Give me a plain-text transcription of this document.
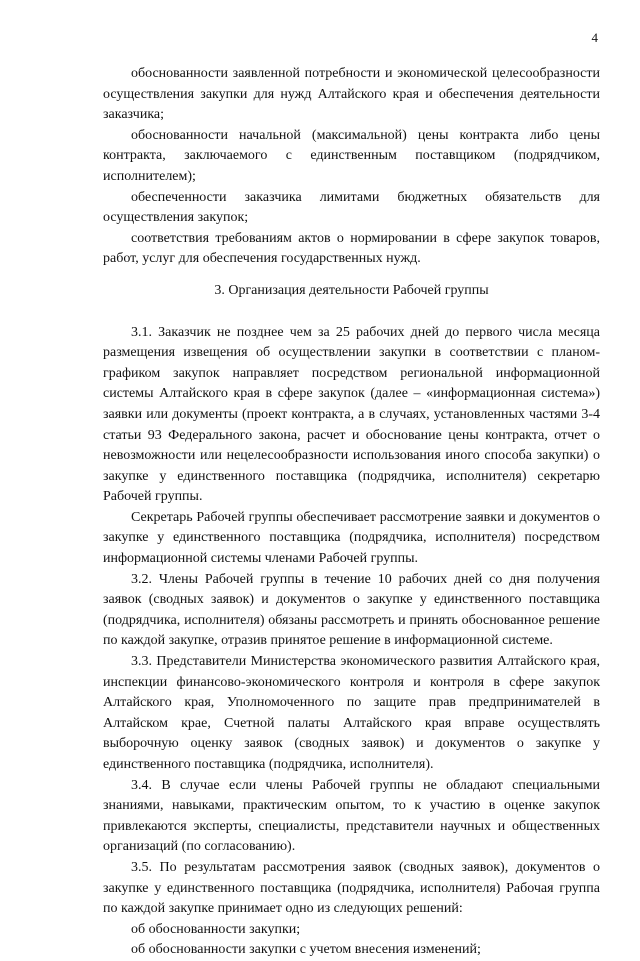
4

обоснованности заявленной потребности и экономической целесообразности осуществления закупки для нужд Алтайского края и обеспечения деятельности заказчика;

обоснованности начальной (максимальной) цены контракта либо цены контракта, заключаемого с единственным поставщиком (подрядчиком, исполнителем);

обеспеченности заказчика лимитами бюджетных обязательств для осуществления закупок;

соответствия требованиям актов о нормировании в сфере закупок товаров, работ, услуг для обеспечения государственных нужд.

3. Организация деятельности Рабочей группы

3.1. Заказчик не позднее чем за 25 рабочих дней до первого числа месяца размещения извещения об осуществлении закупки в соответствии с планом-графиком закупок направляет посредством региональной информационной системы Алтайского края в сфере закупок (далее – «информационная система») заявки или документы (проект контракта, а в случаях, установленных частями 3-4 статьи 93 Федерального закона, расчет и обоснование цены контракта, отчет о невозможности или нецелесообразности использования иного способа закупки) о закупке у единственного поставщика (подрядчика, исполнителя) секретарю Рабочей группы.

Секретарь Рабочей группы обеспечивает рассмотрение заявки и документов о закупке у единственного поставщика (подрядчика, исполнителя) посредством информационной системы членами Рабочей группы.

3.2. Члены Рабочей группы в течение 10 рабочих дней со дня получения заявок (сводных заявок) и документов о закупке у единственного поставщика (подрядчика, исполнителя) обязаны рассмотреть и принять обоснованное решение по каждой закупке, отразив принятое решение в информационной системе.

3.3. Представители Министерства экономического развития Алтайского края, инспекции финансово-экономического контроля и контроля в сфере закупок Алтайского края, Уполномоченного по защите прав предпринимателей в Алтайском крае, Счетной палаты Алтайского края вправе осуществлять выборочную оценку заявок (сводных заявок) и документов о закупке у единственного поставщика (подрядчика, исполнителя).

3.4. В случае если члены Рабочей группы не обладают специальными знаниями, навыками, практическим опытом, то к участию в оценке закупок привлекаются эксперты, специалисты, представители научных и общественных организаций (по согласованию).

3.5. По результатам рассмотрения заявок (сводных заявок), документов о закупке у единственного поставщика (подрядчика, исполнителя) Рабочая группа по каждой закупке принимает одно из следующих решений:

об обоснованности закупки;

об обоснованности закупки с учетом внесения изменений;
